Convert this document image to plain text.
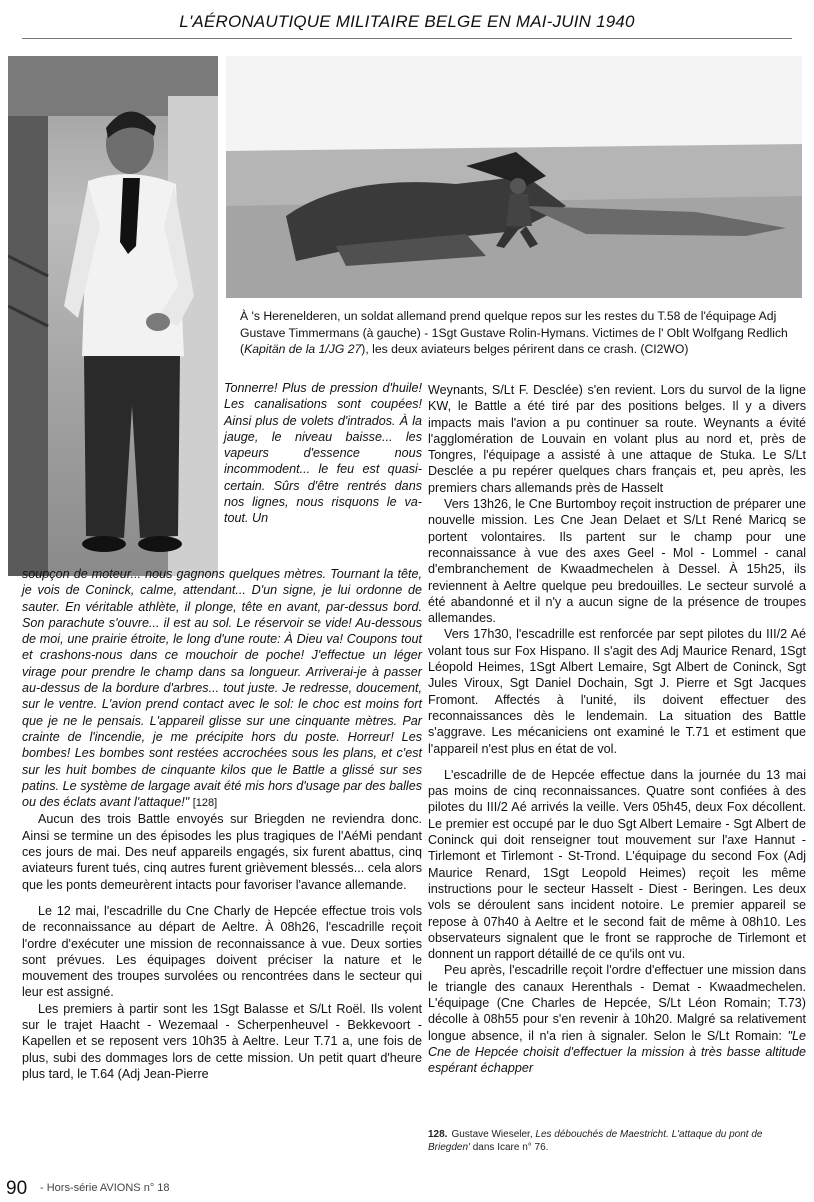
L'AÉRONAUTIQUE MILITAIRE BELGE EN MAI-JUIN 1940
À 's Herenelderen, un soldat allemand prend quelque repos sur les restes du T.58 de l'équipage Adj Gustave Timmermans (à gauche) - 1Sgt Gustave Rolin-Hymans. Victimes de l' Oblt Wolfgang Redlich (Kapitän de la 1/JG 27), les deux aviateurs belges périrent dans ce crash. (CI2WO)

Tonnerre! Plus de pression d'huile! Les canalisations sont coupées! Ainsi plus de volets d'intrados. À la jauge, le niveau baisse... les vapeurs d'essence nous incommodent... le feu est quasi-certain. Sûrs d'être rentrés dans nos lignes, nous risquons le va-tout. Un

soupçon de moteur... nous gagnons quelques mètres. Tournant la tête, je vois de Coninck, calme, attendant... D'un signe, je lui ordonne de sauter. En véritable athlète, il plonge, tête en avant, par-dessus bord. Son parachute s'ouvre... il est au sol. Le réservoir se vide! Au-dessous de moi, une prairie étroite, le long d'une route: À Dieu va! Coupons tout et crashons-nous dans ce mouchoir de poche! J'effectue un léger virage pour prendre le champ dans sa longueur. Arriverai-je à passer au-dessus de la bordure d'arbres... tout juste. Je redresse, doucement, sur le ventre. L'avion prend contact avec le sol: le choc est moins fort que je ne le pensais. L'appareil glisse sur une cinquante mètres. Par crainte de l'incendie, je me précipite hors du poste. Horreur! Les bombes! Les bombes sont restées accrochées sous les plans, et c'est sur les huit bombes de cinquante kilos que le Battle a glissé sur ses patins. Le système de largage avait été mis hors d'usage par des balles ou des éclats avant l'attaque!" [128]

Aucun des trois Battle envoyés sur Briegden ne reviendra donc. Ainsi se termine un des épisodes les plus tragiques de l'AéMi pendant ces jours de mai. Des neuf appareils engagés, six furent abattus, cinq aviateurs furent tués, cinq autres furent grièvement blessés... cela alors que les ponts demeurèrent intacts pour favoriser l'avance allemande.

Le 12 mai, l'escadrille du Cne Charly de Hepcée effectue trois vols de reconnaissance au départ de Aeltre. À 08h26, l'escadrille reçoit l'ordre d'exécuter une mission de reconnaissance à vue. Deux sorties sont prévues. Les équipages doivent préciser la nature et le mouvement des troupes survolées ou rencontrées dans le secteur qui leur est assigné.

Les premiers à partir sont les 1Sgt Balasse et S/Lt Roël. Ils volent sur le trajet Haacht - Wezemaal - Scherpenheuvel - Bekkevoort - Kapellen et se reposent vers 10h35 à Aeltre. Leur T.71 a, une fois de plus, subi des dommages lors de cette mission. Un petit quart d'heure plus tard, le T.64 (Adj Jean-Pierre

Weynants, S/Lt F. Desclée) s'en revient. Lors du survol de la ligne KW, le Battle a été tiré par des positions belges. Il y a divers impacts mais l'avion a pu continuer sa route. Weynants a évité l'agglomération de Louvain en volant plus au nord et, près de Tongres, l'équipage a assisté à une attaque de Stuka. Le S/Lt Desclée a pu repérer quelques chars français et, peu après, les premiers chars allemands près de Hasselt

Vers 13h26, le Cne Burtomboy reçoit instruction de préparer une nouvelle mission. Les Cne Jean Delaet et S/Lt René Maricq se portent volontaires. Ils partent sur le champ pour une reconnaissance à vue des axes Geel - Mol - Lommel - canal d'embranchement de Kwaadmechelen à Dessel. À 15h25, ils reviennent à Aeltre quelque peu bredouilles. Le secteur survolé a été abandonné et il n'y a aucun signe de la présence de troupes allemandes.

Vers 17h30, l'escadrille est renforcée par sept pilotes du III/2 Aé volant tous sur Fox Hispano. Il s'agit des Adj Maurice Renard, 1Sgt Léopold Heimes, 1Sgt Albert Lemaire, Sgt Albert de Coninck, Sgt Jules Viroux, Sgt Daniel Dochain, Sgt J. Pierre et Sgt Jacques Fromont. Affectés à l'unité, ils doivent effectuer des reconnaissances dès le lendemain. La situation des Battle s'aggrave. Les mécaniciens ont examiné le T.71 et estiment que l'appareil n'est plus en état de vol.

L'escadrille de de Hepcée effectue dans la journée du 13 mai pas moins de cinq reconnaissances. Quatre sont confiées à des pilotes du III/2 Aé arrivés la veille. Vers 05h45, deux Fox décollent. Le premier est occupé par le duo Sgt Albert Lemaire - Sgt Albert de Coninck qui doit renseigner tout mouvement sur l'axe Hannut - Tirlemont et Tirlemont - St-Trond. L'équipage du second Fox (Adj Maurice Renard, 1Sgt Leopold Heimes) reçoit les même instructions pour le secteur Hasselt - Diest - Beringen. Les deux vols se déroulent sans incident notoire. Le premier appareil se repose à 07h40 à Aeltre et le second fait de même à 08h10. Les observateurs signalent que le front se rapproche de Tirlemont et donnent un rapport détaillé de ce qu'ils ont vu.

Peu après, l'escadrille reçoit l'ordre d'effectuer une mission dans le triangle des canaux Herenthals - Demat - Kwaadmechelen. L'équipage (Cne Charles de Hepcée, S/Lt Léon Romain; T.73) décolle à 08h55 pour s'en revenir à 10h20. Malgré sa relativement longue absence, il n'a rien à signaler. Selon le S/Lt Romain: "Le Cne de Hepcée choisit d'effectuer la mission à très basse altitude espérant échapper

128. Gustave Wieseler, Les débouchés de Maestricht. L'attaque du pont de Briegden' dans Icare n° 76.
90 - Hors-série AVIONS n° 18
